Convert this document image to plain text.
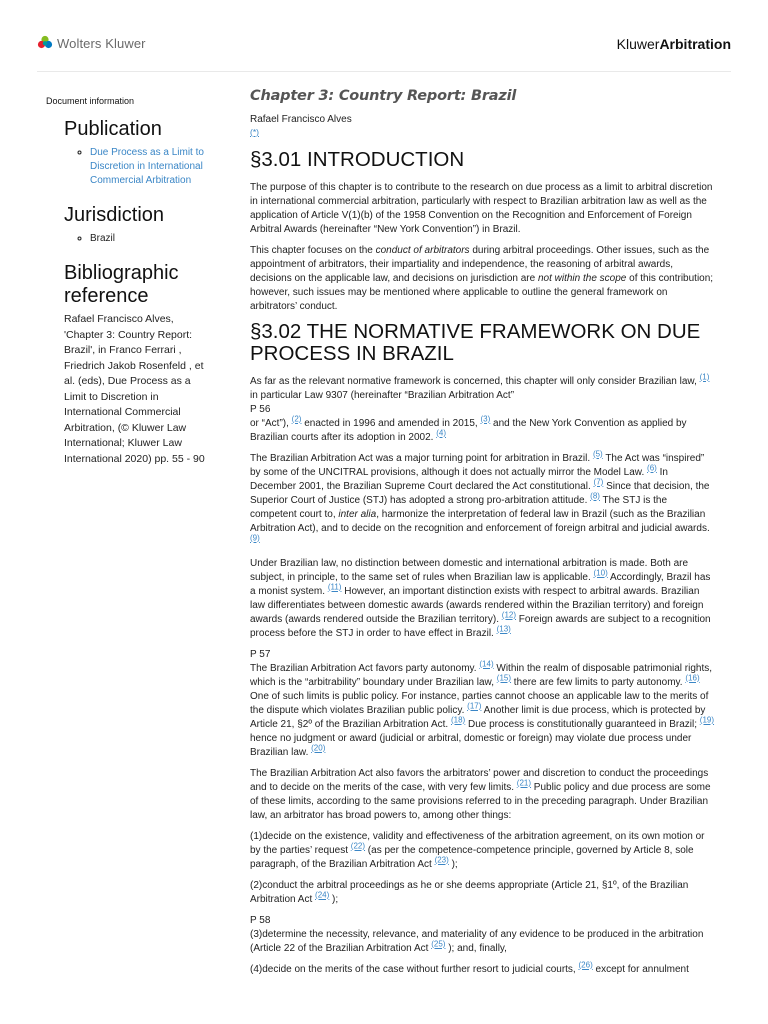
Wolters Kluwer	KluwerArbitration
Document information
Publication
◦ Due Process as a Limit to Discretion in International Commercial Arbitration
Jurisdiction
◦ Brazil
Bibliographic reference
Rafael Francisco Alves, 'Chapter 3: Country Report: Brazil', in Franco Ferrari , Friedrich Jakob Rosenfeld , et al. (eds), Due Process as a Limit to Discretion in International Commercial Arbitration, (© Kluwer Law International; Kluwer Law International 2020) pp. 55 - 90
Chapter 3: Country Report: Brazil
Rafael Francisco Alves
(*)
§3.01 INTRODUCTION

The purpose of this chapter is to contribute to the research on due process as a limit to arbitral discretion in international commercial arbitration, particularly with respect to Brazilian arbitration law as well as the application of Article V(1)(b) of the 1958 Convention on the Recognition and Enforcement of Foreign Arbitral Awards (hereinafter “New York Convention”) in Brazil.

This chapter focuses on the conduct of arbitrators during arbitral proceedings. Other issues, such as the appointment of arbitrators, their impartiality and independence, the reasoning of arbitral awards, decisions on the applicable law, and decisions on jurisdiction are not within the scope of this contribution; however, such issues may be mentioned where applicable to outline the general framework on arbitrators’ conduct.

§3.02 THE NORMATIVE FRAMEWORK ON DUE PROCESS IN BRAZIL

As far as the relevant normative framework is concerned, this chapter will only consider Brazilian law, $^{(1)}$ in particular Law 9307 (hereinafter “Brazilian Arbitration Act”
P 56
or “Act”), $^{(2)}$ enacted in 1996 and amended in 2015, $^{(3)}$ and the New York Convention as applied by Brazilian courts after its adoption in 2002. $^{(4)}$

The Brazilian Arbitration Act was a major turning point for arbitration in Brazil. $^{(5)}$ The Act was “inspired” by some of the UNCITRAL provisions, although it does not actually mirror the Model Law. $^{(6)}$ In December 2001, the Brazilian Supreme Court declared the Act constitutional. $^{(7)}$ Since that decision, the Superior Court of Justice (STJ) has adopted a strong pro-arbitration attitude. $^{(8)}$ The STJ is the competent court to, inter alia, harmonize the interpretation of federal law in Brazil (such as the Brazilian Arbitration Act), and to decide on the recognition and enforcement of foreign arbitral and judicial awards. $^{(9)}$

Under Brazilian law, no distinction between domestic and international arbitration is made. Both are subject, in principle, to the same set of rules when Brazilian law is applicable. $^{(10)}$ Accordingly, Brazil has a monist system. $^{(11)}$ However, an important distinction exists with respect to arbitral awards. Brazilian law differentiates between domestic awards (awards rendered within the Brazilian territory) and foreign awards (awards rendered outside the Brazilian territory). $^{(12)}$ Foreign awards are subject to a recognition process before the STJ in order to have effect in Brazil. $^{(13)}$

P 57
The Brazilian Arbitration Act favors party autonomy. $^{(14)}$ Within the realm of disposable patrimonial rights, which is the “arbitrability” boundary under Brazilian law, $^{(15)}$ there are few limits to party autonomy. $^{(16)}$ One of such limits is public policy. For instance, parties cannot choose an applicable law to the merits of the dispute which violates Brazilian public policy. $^{(17)}$ Another limit is due process, which is protected by Article 21, §2º of the Brazilian Arbitration Act. $^{(18)}$ Due process is constitutionally guaranteed in Brazil; $^{(19)}$ hence no judgment or award (judicial or arbitral, domestic or foreign) may violate due process under Brazilian law. $^{(20)}$

The Brazilian Arbitration Act also favors the arbitrators’ power and discretion to conduct the proceedings and to decide on the merits of the case, with very few limits. $^{(21)}$ Public policy and due process are some of these limits, according to the same provisions referred to in the preceding paragraph. Under Brazilian law, an arbitrator has broad powers to, among other things:

(1)decide on the existence, validity and effectiveness of the arbitration agreement, on its own motion or by the parties’ request $^{(22)}$ (as per the competence-competence principle, governed by Article 8, sole paragraph, of the Brazilian Arbitration Act $^{(23)}$ );

(2)conduct the arbitral proceedings as he or she deems appropriate (Article 21, §1º, of the Brazilian Arbitration Act $^{(24)}$ );

P 58
(3)determine the necessity, relevance, and materiality of any evidence to be produced in the arbitration (Article 22 of the Brazilian Arbitration Act $^{(25)}$ ); and, finally,

(4)decide on the merits of the case without further resort to judicial courts, $^{(26)}$ except for annulment
